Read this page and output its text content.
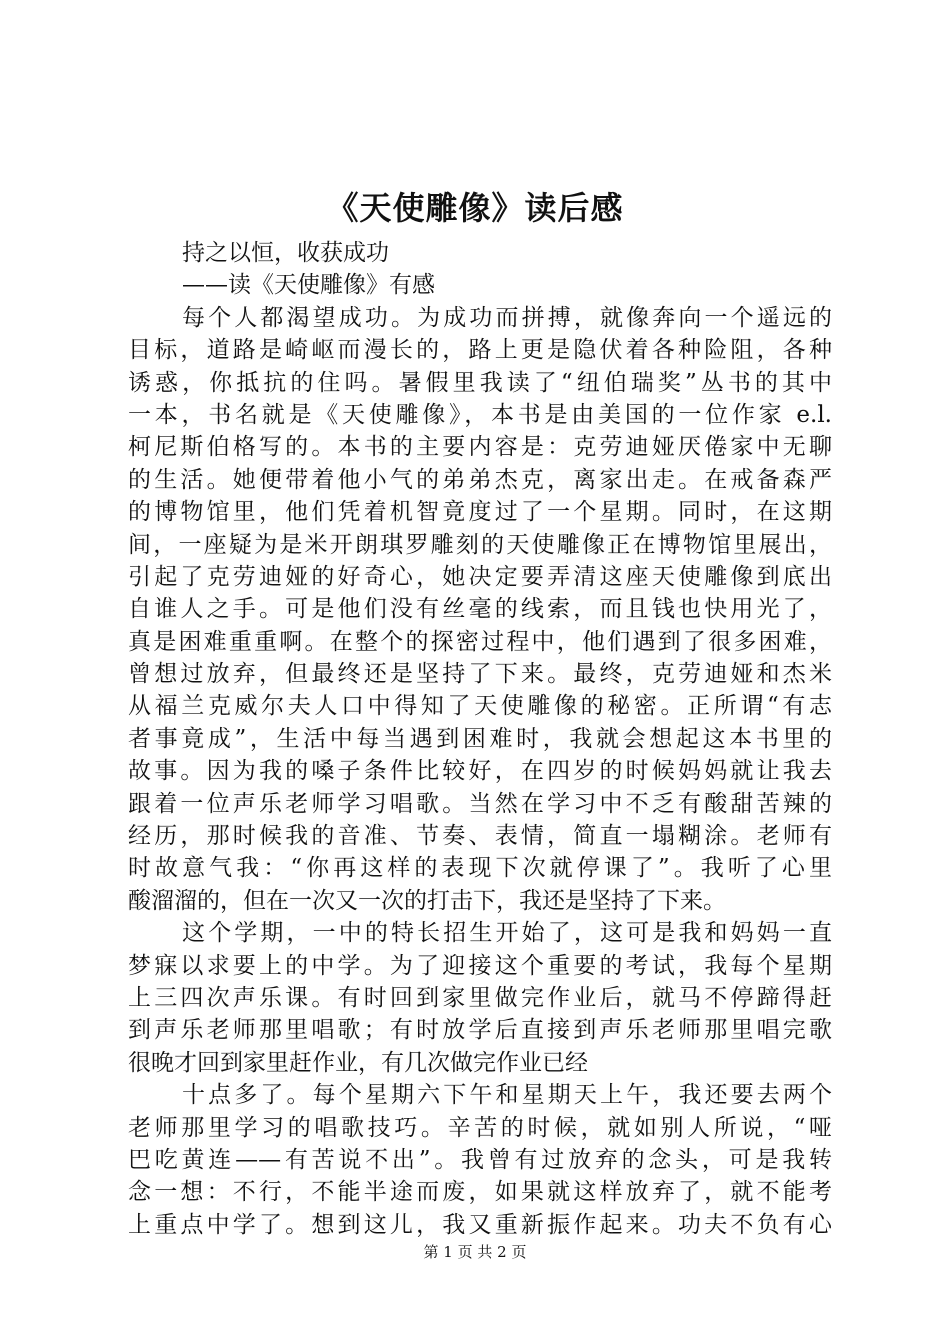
《天使雕像》读后感
持之以恒，收获成功
——读《天使雕像》有感
每个人都渴望成功。为成功而拼搏，就像奔向一个遥远的
目标，道路是崎岖而漫长的，路上更是隐伏着各种险阻，各种
诱惑，你抵抗的住吗。暑假里我读了“纽伯瑞奖”丛书的其中
一本，书名就是《天使雕像》，本书是由美国的一位作家 e.l.
柯尼斯伯格写的。本书的主要内容是：克劳迪娅厌倦家中无聊
的生活。她便带着他小气的弟弟杰克，离家出走。在戒备森严
的博物馆里，他们凭着机智竟度过了一个星期。同时，在这期
间，一座疑为是米开朗琪罗雕刻的天使雕像正在博物馆里展出，
引起了克劳迪娅的好奇心，她决定要弄清这座天使雕像到底出
自谁人之手。可是他们没有丝毫的线索，而且钱也快用光了，
真是困难重重啊。在整个的探密过程中，他们遇到了很多困难，
曾想过放弃，但最终还是坚持了下来。最终，克劳迪娅和杰米
从福兰克威尔夫人口中得知了天使雕像的秘密。正所谓“有志
者事竟成”，生活中每当遇到困难时，我就会想起这本书里的
故事。因为我的嗓子条件比较好，在四岁的时候妈妈就让我去
跟着一位声乐老师学习唱歌。当然在学习中不乏有酸甜苦辣的
经历，那时候我的音准、节奏、表情，简直一塌糊涂。老师有
时故意气我：“你再这样的表现下次就停课了”。我听了心里
酸溜溜的，但在一次又一次的打击下，我还是坚持了下来。
这个学期，一中的特长招生开始了，这可是我和妈妈一直
梦寐以求要上的中学。为了迎接这个重要的考试，我每个星期
上三四次声乐课。有时回到家里做完作业后，就马不停蹄得赶
到声乐老师那里唱歌；有时放学后直接到声乐老师那里唱完歌
很晚才回到家里赶作业，有几次做完作业已经
十点多了。每个星期六下午和星期天上午，我还要去两个
老师那里学习的唱歌技巧。辛苦的时候，就如别人所说，“哑
巴吃黄连——有苦说不出”。我曾有过放弃的念头，可是我转
念一想：不行，不能半途而废，如果就这样放弃了，就不能考
上重点中学了。想到这儿，我又重新振作起来。功夫不负有心
第 1 页 共 2 页
